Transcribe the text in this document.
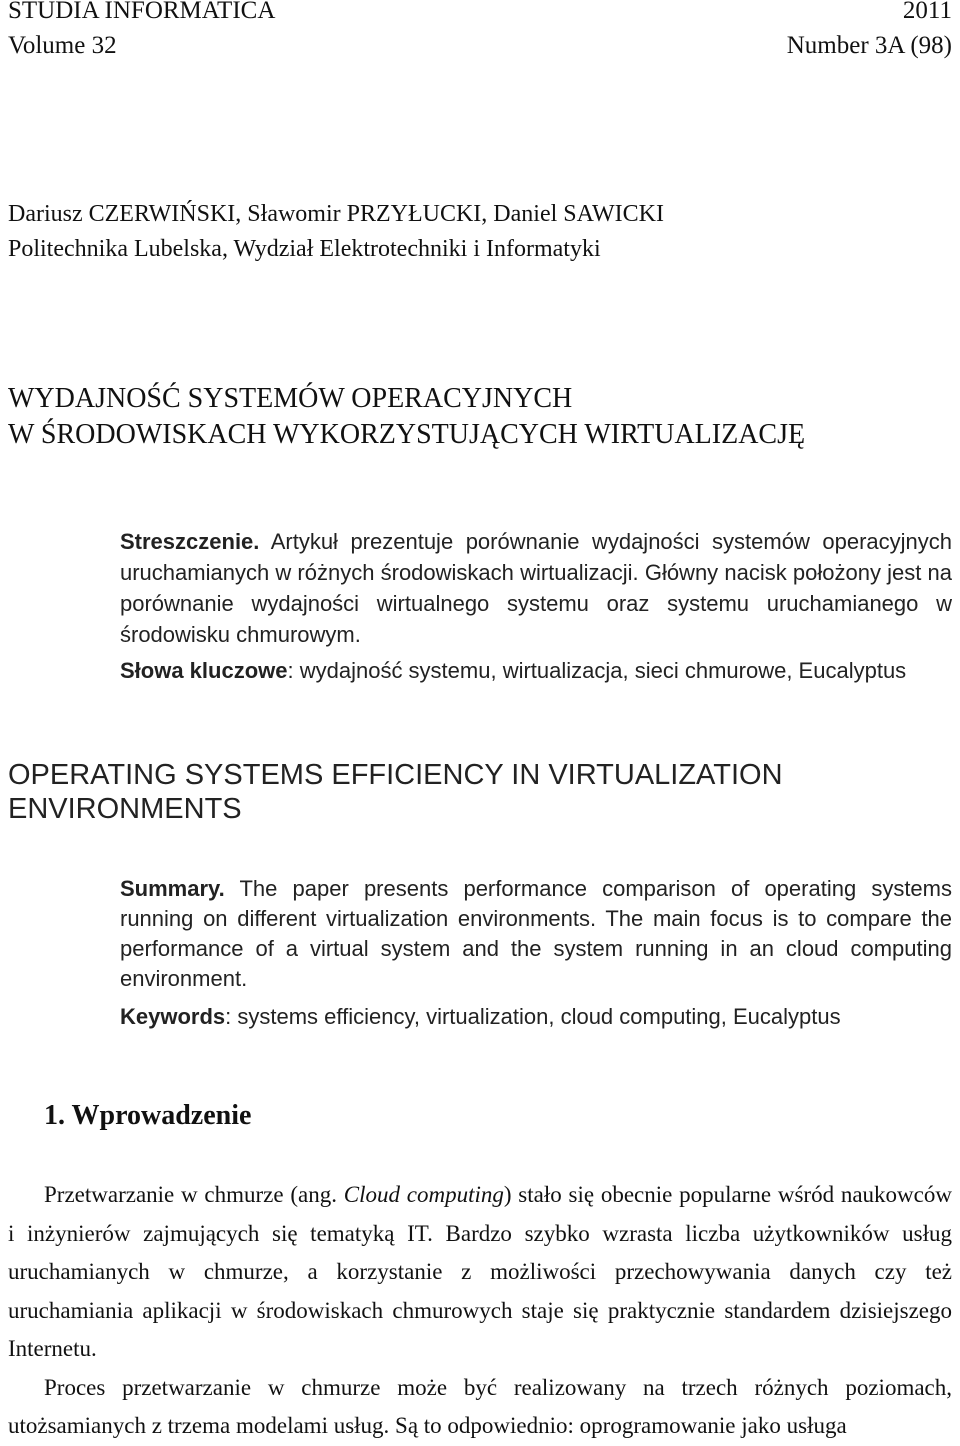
STUDIA INFORMATICA	2011
Volume 32	Number 3A (98)
Dariusz CZERWIŃSKI, Sławomir PRZYŁUCKI, Daniel SAWICKI
Politechnika Lubelska, Wydział Elektrotechniki i Informatyki
WYDAJNOŚĆ SYSTEMÓW OPERACYJNYCH
W ŚRODOWISKACH WYKORZYSTUJĄCYCH WIRTUALIZACJĘ

Streszczenie. Artykuł prezentuje porównanie wydajności systemów operacyjnych uruchamianych w różnych środowiskach wirtualizacji. Główny nacisk położony jest na porównanie wydajności wirtualnego systemu oraz systemu uruchamianego w środowisku chmurowym.

Słowa kluczowe: wydajność systemu, wirtualizacja, sieci chmurowe, Eucalyptus

OPERATING SYSTEMS EFFICIENCY IN VIRTUALIZATION ENVIRONMENTS

Summary. The paper presents performance comparison of operating systems running on different virtualization environments. The main focus is to compare the performance of a virtual system and the system running in an cloud computing environment.

Keywords: systems efficiency, virtualization, cloud computing, Eucalyptus

1. Wprowadzenie

Przetwarzanie w chmurze (ang. Cloud computing) stało się obecnie popularne wśród naukowców i inżynierów zajmujących się tematyką IT. Bardzo szybko wzrasta liczba użytkowników usług uruchamianych w chmurze, a korzystanie z możliwości przechowywania danych czy też uruchamiania aplikacji w środowiskach chmurowych staje się praktycznie standardem dzisiejszego Internetu.

Proces przetwarzanie w chmurze może być realizowany na trzech różnych poziomach, utożsamianych z trzema modelami usług. Są to odpowiednio: oprogramowanie jako usługa
